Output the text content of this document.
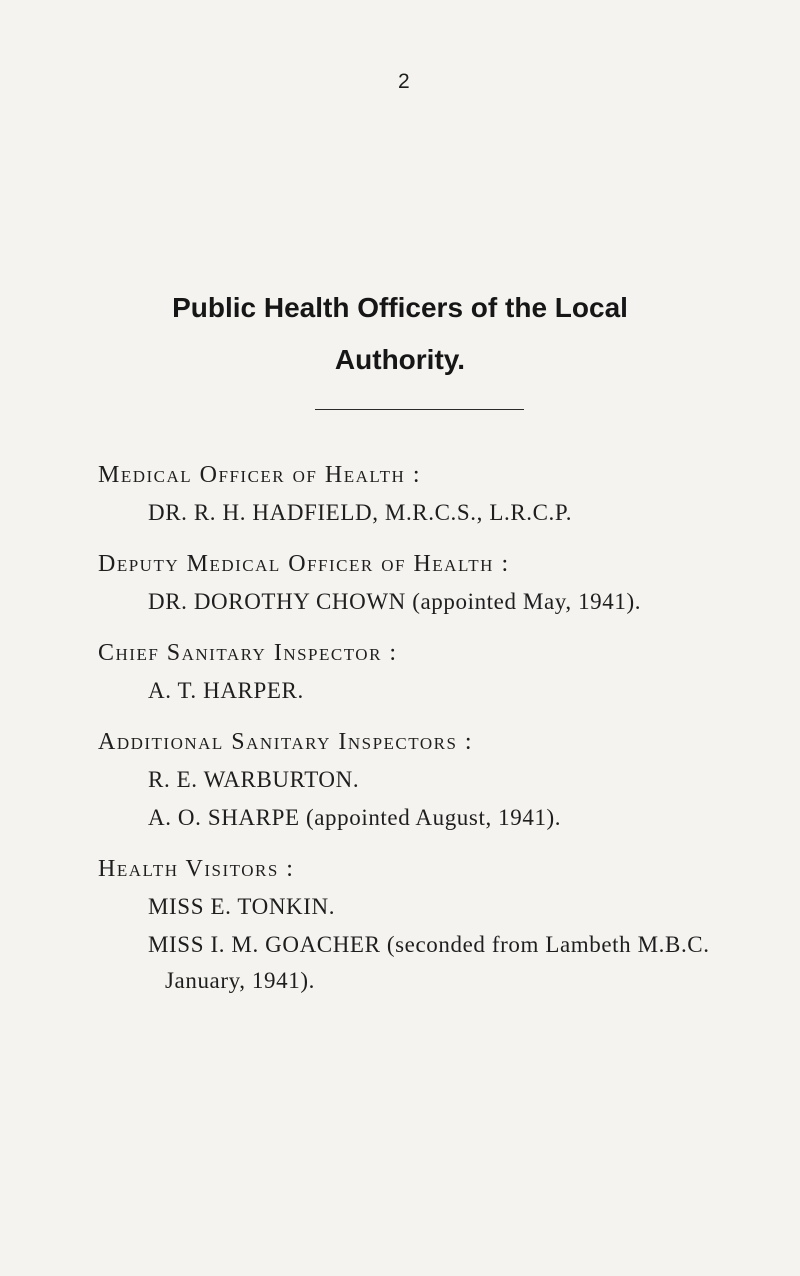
2
Public Health Officers of the Local
Authority.
Medical Officer of Health :
DR. R. H. HADFIELD, M.R.C.S., L.R.C.P.
Deputy Medical Officer of Health :
DR. DOROTHY CHOWN (appointed May, 1941).
Chief Sanitary Inspector :
A. T. HARPER.
Additional Sanitary Inspectors :
R. E. WARBURTON.
A. O. SHARPE (appointed August, 1941).
Health Visitors :
MISS E. TONKIN.
MISS I. M. GOACHER (seconded from Lambeth M.B.C.
January, 1941).
